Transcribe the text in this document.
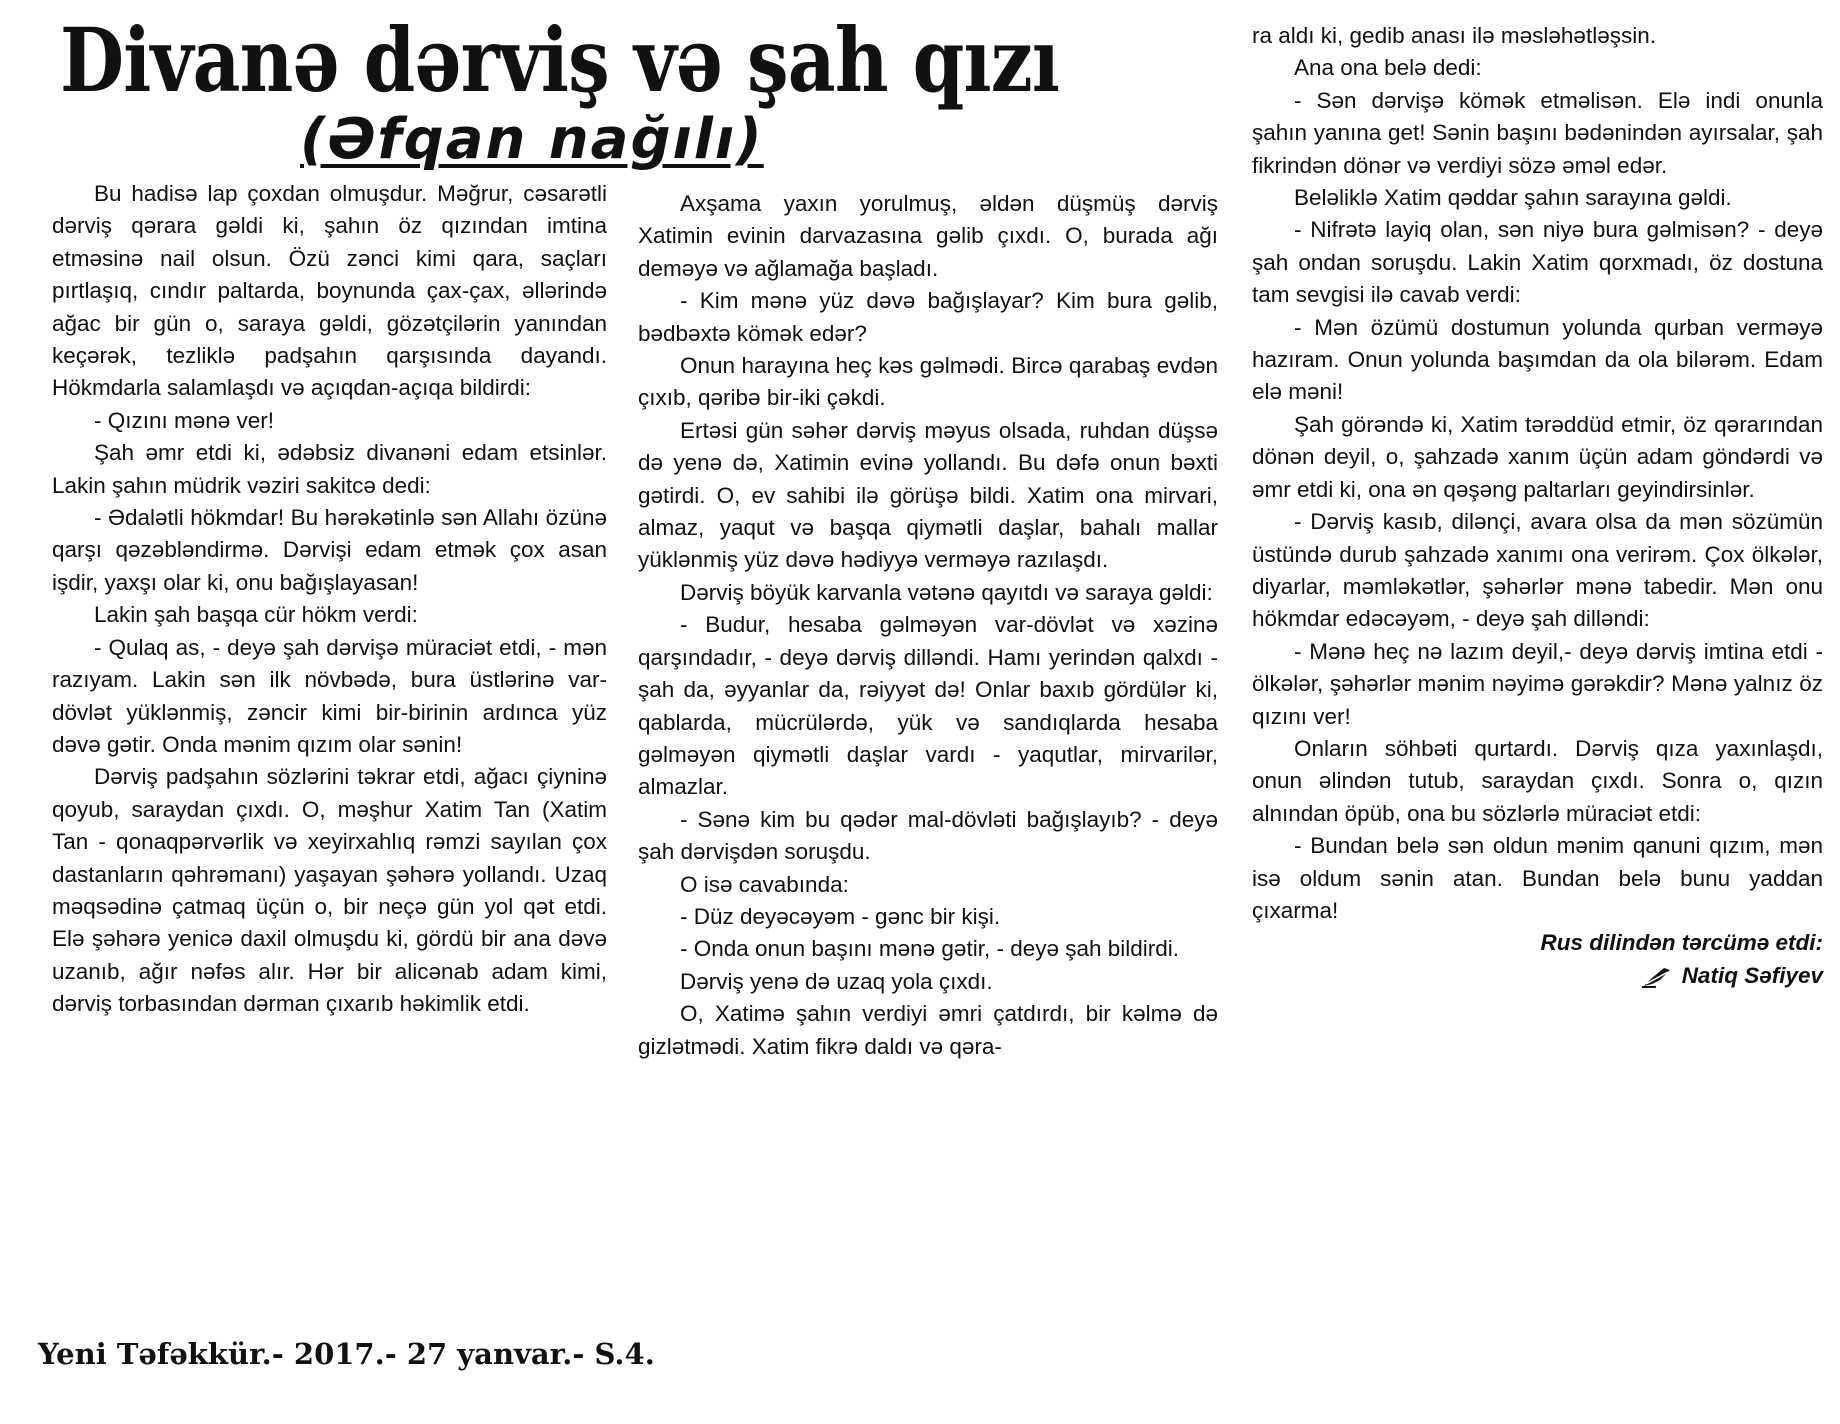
Divanə dərviş və şah qızı
(Əfqan nağılı)

Bu hadisə lap çoxdan olmuşdur. Məğrur, cəsarətli dərviş qərara gəldi ki, şahın öz qızından imtina etməsinə nail olsun. Özü zənci kimi qara, saçları pırtlaşıq, cındır paltarda, boynunda çax-çax, əllərində ağac bir gün o, saraya gəldi, gözətçilərin yanından keçərək, tezliklə padşahın qarşısında dayandı. Hökmdarla salamlaşdı və açıqdan-açıqa bildirdi:

- Qızını mənə ver!

Şah əmr etdi ki, ədəbsiz divanəni edam etsinlər. Lakin şahın müdrik vəziri sakitcə dedi:

- Ədalətli hökmdar! Bu hərəkətinlə sən Allahı özünə qarşı qəzəbləndirmə. Dərvişi edam etmək çox asan işdir, yaxşı olar ki, onu bağışlayasan!

Lakin şah başqa cür hökm verdi:

- Qulaq as, - deyə şah dərvişə müraciət etdi, - mən razıyam. Lakin sən ilk növbədə, bura üstlərinə var-dövlət yüklənmiş, zəncir kimi bir-birinin ardınca yüz dəvə gətir. Onda mənim qızım olar sənin!

Dərviş padşahın sözlərini təkrar etdi, ağacı çiyninə qoyub, saraydan çıxdı. O, məşhur Xatim Tan (Xatim Tan - qonaqpərvərlik və xeyirxahlıq rəmzi sayılan çox dastanların qəhrəmanı) yaşayan şəhərə yollandı. Uzaq məqsədinə çatmaq üçün o, bir neçə gün yol qət etdi. Elə şəhərə yenicə daxil olmuşdu ki, gördü bir ana dəvə uzanıb, ağır nəfəs alır. Hər bir alicənab adam kimi, dərviş torbasından dərman çıxarıb həkimlik etdi.

Axşama yaxın yorulmuş, əldən düşmüş dərviş Xatimin evinin darvazasına gəlib çıxdı. O, burada ağı deməyə və ağlamağa başladı.

- Kim mənə yüz dəvə bağışlayar? Kim bura gəlib, bədbəxtə kömək edər?

Onun harayına heç kəs gəlmədi. Bircə qarabaş evdən çıxıb, qəribə bir-iki çəkdi.

Ertəsi gün səhər dərviş məyus olsada, ruhdan düşsə də yenə də, Xatimin evinə yollandı. Bu dəfə onun bəxti gətirdi. O, ev sahibi ilə görüşə bildi. Xatim ona mirvari, almaz, yaqut və başqa qiymətli daşlar, bahalı mallar yüklənmiş yüz dəvə hədiyyə verməyə razılaşdı.

Dərviş böyük karvanla vətənə qayıtdı və saraya gəldi:

- Budur, hesaba gəlməyən var-dövlət və xəzinə qarşındadır, - deyə dərviş dilləndi. Hamı yerindən qalxdı - şah da, əyyanlar da, rəiyyət də! Onlar baxıb gördülər ki, qablarda, mücrülərdə, yük və sandıqlarda hesaba gəlməyən qiymətli daşlar vardı - yaqutlar, mirvarilər, almazlar.

- Sənə kim bu qədər mal-dövləti bağışlayıb? - deyə şah dərvişdən soruşdu.

O isə cavabında:

- Düz deyəcəyəm - gənc bir kişi.

- Onda onun başını mənə gətir, - deyə şah bildirdi.

Dərviş yenə də uzaq yola çıxdı.

O, Xatimə şahın verdiyi əmri çatdırdı, bir kəlmə də gizlətmədi. Xatim fikrə daldı və qəra-

ra aldı ki, gedib anası ilə məsləhətləşsin.

Ana ona belə dedi:

- Sən dərvişə kömək etməlisən. Elə indi onunla şahın yanına get! Sənin başını bədənindən ayırsalar, şah fikrindən dönər və verdiyi sözə əməl edər.

Beləliklə Xatim qəddar şahın sarayına gəldi.

- Nifrətə layiq olan, sən niyə bura gəlmisən? - deyə şah ondan soruşdu. Lakin Xatim qorxmadı, öz dostuna tam sevgisi ilə cavab verdi:

- Mən özümü dostumun yolunda qurban verməyə hazıram. Onun yolunda başımdan da ola bilərəm. Edam elə məni!

Şah görəndə ki, Xatim tərəddüd etmir, öz qərarından dönən deyil, o, şahzadə xanım üçün adam göndərdi və əmr etdi ki, ona ən qəşəng paltarları geyindirsinlər.

- Dərviş kasıb, dilənçi, avara olsa da mən sözümün üstündə durub şahzadə xanımı ona verirəm. Çox ölkələr, diyarlar, məmləkətlər, şəhərlər mənə tabedir. Mən onu hökmdar edəcəyəm, - deyə şah dilləndi:

- Mənə heç nə lazım deyil,- deyə dərviş imtina etdi - ölkələr, şəhərlər mənim nəyimə gərəkdir? Mənə yalnız öz qızını ver!

Onların söhbəti qurtardı. Dərviş qıza yaxınlaşdı, onun əlindən tutub, saraydan çıxdı. Sonra o, qızın alnından öpüb, ona bu sözlərlə müraciət etdi:

- Bundan belə sən oldun mənim qanuni qızım, mən isə oldum sənin atan. Bundan belə bunu yaddan çıxarma!

Rus dilindən tərcümə etdi:

Natiq Səfiyev
Yeni Təfəkkür.- 2017.- 27 yanvar.- S.4.
